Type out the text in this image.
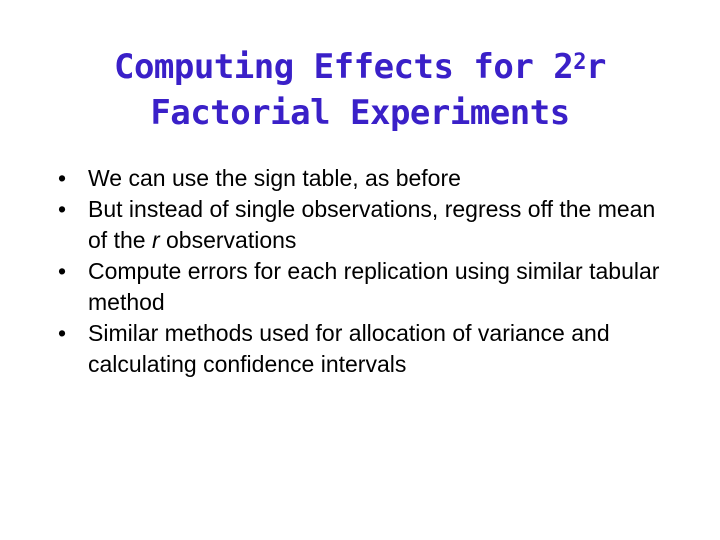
Computing Effects for $2^2r$
Factorial Experiments
• We can use the sign table, as before
• But instead of single observations, regress off the mean of the r observations
• Compute errors for each replication using similar tabular method
• Similar methods used for allocation of variance and calculating confidence intervals
